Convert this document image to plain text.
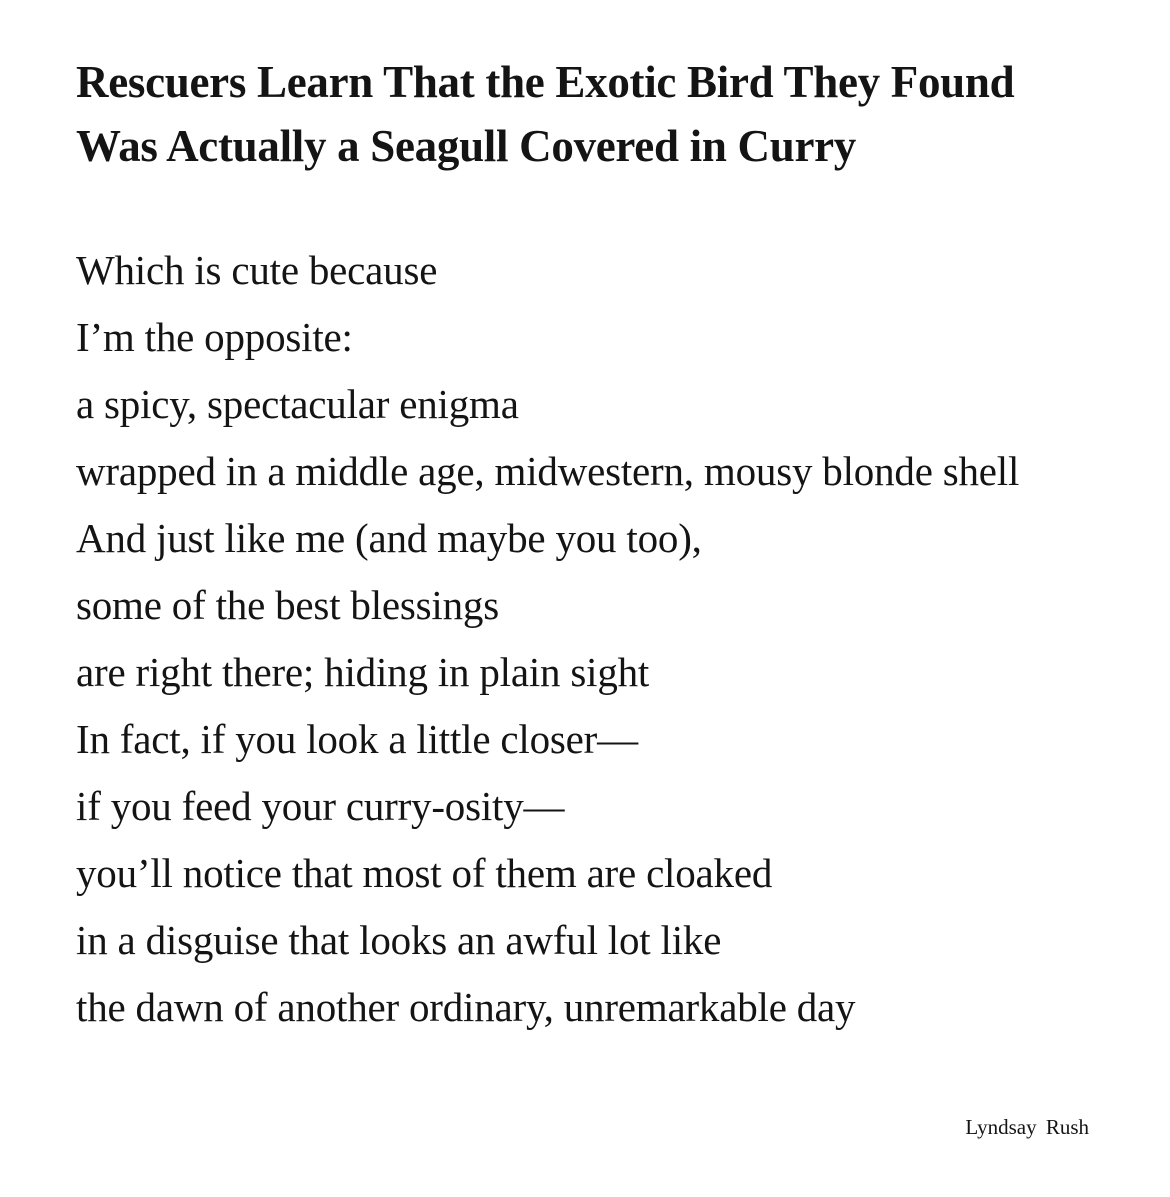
Rescuers Learn That the Exotic Bird They Found
Was Actually a Seagull Covered in Curry
Which is cute because
I’m the opposite:
a spicy, spectacular enigma
wrapped in a middle age, midwestern, mousy blonde shell
And just like me (and maybe you too),
some of the best blessings
are right there; hiding in plain sight
In fact, if you look a little closer—
if you feed your curry-osity—
you’ll notice that most of them are cloaked
in a disguise that looks an awful lot like
the dawn of another ordinary, unremarkable day
Lyndsay Rush
